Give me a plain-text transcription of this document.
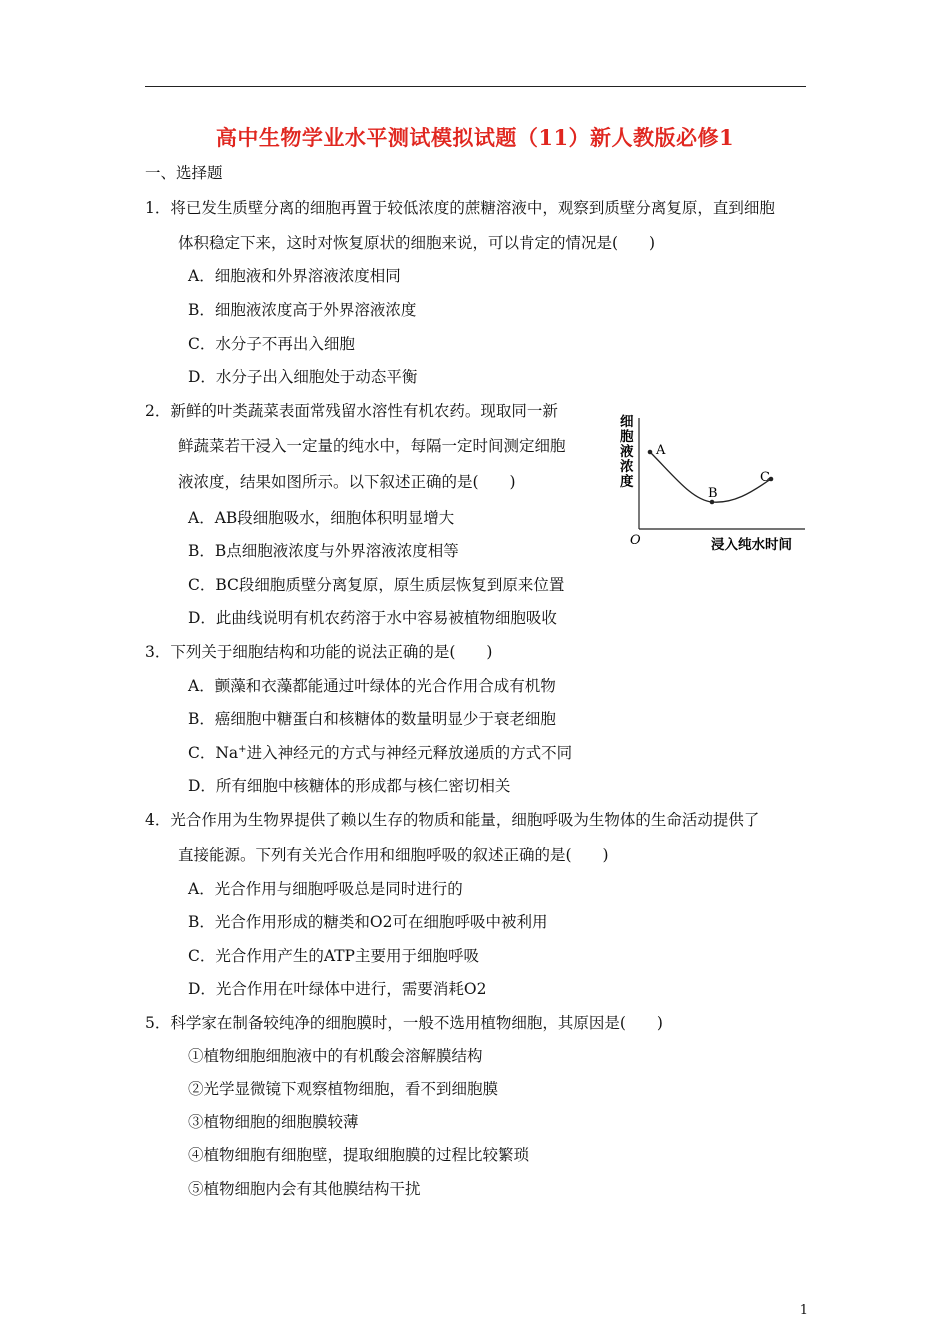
高中生物学业水平测试模拟试题（11）新人教版必修1
一、选择题
1．将已发生质壁分离的细胞再置于较低浓度的蔗糖溶液中，观察到质壁分离复原，直到细胞
体积稳定下来，这时对恢复原状的细胞来说，可以肯定的情况是(　　)
A．细胞液和外界溶液浓度相同
B．细胞液浓度高于外界溶液浓度
C．水分子不再出入细胞
D．水分子出入细胞处于动态平衡
2．新鲜的叶类蔬菜表面常残留水溶性有机农药。现取同一新
鲜蔬菜若干浸入一定量的纯水中，每隔一定时间测定细胞
液浓度，结果如图所示。以下叙述正确的是(　　)
A．AB段细胞吸水，细胞体积明显增大
B．B点细胞液浓度与外界溶液浓度相等
C．BC段细胞质壁分离复原，原生质层恢复到原来位置
D．此曲线说明有机农药溶于水中容易被植物细胞吸收
A
B
C
细
胞
液
浓
度
O	浸入纯水时间
3．下列关于细胞结构和功能的说法正确的是(　　)
A．颤藻和衣藻都能通过叶绿体的光合作用合成有机物
B．癌细胞中糖蛋白和核糖体的数量明显少于衰老细胞
C．Na+进入神经元的方式与神经元释放递质的方式不同
D．所有细胞中核糖体的形成都与核仁密切相关
4．光合作用为生物界提供了赖以生存的物质和能量，细胞呼吸为生物体的生命活动提供了
直接能源。下列有关光合作用和细胞呼吸的叙述正确的是(　　)
A．光合作用与细胞呼吸总是同时进行的
B．光合作用形成的糖类和O2可在细胞呼吸中被利用
C．光合作用产生的ATP主要用于细胞呼吸
D．光合作用在叶绿体中进行，需要消耗O2
5．科学家在制备较纯净的细胞膜时，一般不选用植物细胞，其原因是(　　)
①植物细胞细胞液中的有机酸会溶解膜结构
②光学显微镜下观察植物细胞，看不到细胞膜
③植物细胞的细胞膜较薄
④植物细胞有细胞壁，提取细胞膜的过程比较繁琐
⑤植物细胞内会有其他膜结构干扰
1
